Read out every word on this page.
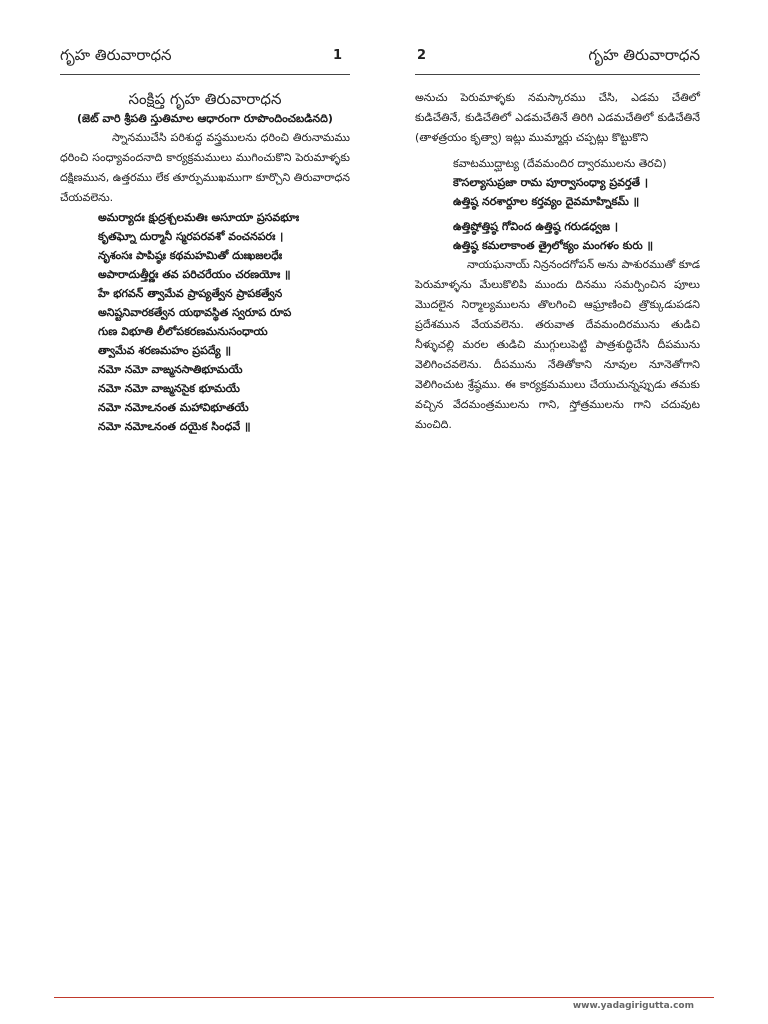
గృహ తిరువారాధన	1

సంక్షిప్త గృహ తిరువారాధన

(జెట్ వారి శ్రీపతి స్తుతిమాల ఆధారంగా రూపొందించబడినది)

స్నానముచేసి పరిశుద్ధ వస్త్రములను ధరించి తిరునామము ధరించి సంధ్యావందనాది కార్యక్రమములు ముగించుకొని పెరుమాళ్ళకు దక్షిణమున, ఉత్తరము లేక తూర్పుముఖముగా కూర్చొని తిరువారాధన చేయవలెను.

అమర్యాదః క్షుద్రశ్చలమతిః అసూయా ప్రసవభూః
కృతఘ్నో దుర్మానీ స్మరపరవశో వంచనపరః ।
నృశంసః పాపిష్ఠః కథమహమితో దుఃఖజలధేః
అపారాదుత్తీర్ణః తవ పరిచరేయం చరణయోః ॥
హే భగవన్ త్వామేవ ప్రాప్యత్వేన ప్రాపకత్వేన
అనిష్టనివారకత్వేన యథావస్థిత స్వరూప రూప
గుణ విభూతి లీలోపకరణమనుసంధాయ
త్వామేవ శరణమహం ప్రపద్యే ॥
నమో నమో వాఙ్మనసాతిభూమయే
నమో నమో వాఙ్మనసైక భూమయే
నమో నమోఽనంత మహావిభూతయే
నమో నమోఽనంత దయైక సింధవే ॥
2	గృహ తిరువారాధన

అనుచు పెరుమాళ్ళకు నమస్కారము చేసి, ఎడమ చేతిలో కుడిచేతినే, కుడిచేతిలో ఎడమచేతినే తిరిగి ఎడమచేతిలో కుడిచేతినే (తాళత్రయం కృత్వా) ఇట్లు ముమ్మార్లు చప్పట్లు కొట్టుకొని

కవాటముద్ఘాట్య (దేవమందిర ద్వారములను తెరచి)
కౌసల్యాసుప్రజా రామ పూర్వాసంధ్యా ప్రవర్తతే ।
ఉత్తిష్ఠ నరశార్దూల కర్తవ్యం దైవమాహ్నికమ్ ॥
ఉత్తిష్ఠోత్తిష్ఠ గోవింద ఉత్తిష్ఠ గరుడధ్వజ ।
ఉత్తిష్ఠ కమలాకాంత త్రైలోక్యం మంగళం కురు ॥

నాయఘనాయ్ నిన్రనందగోపన్ అను పాశురముతో కూడ పెరుమాళ్ళను మేలుకొలిపి ముందు దినము సమర్పించిన పూలు మొదలైన నిర్మాల్యములను తొలగించి ఆఘ్రాణించి త్రొక్కుడుపడని ప్రదేశమున వేయవలెను. తరువాత దేవమందిరమును తుడిచి నీళ్ళుచల్లి మరల తుడిచి ముగ్గులుపెట్టి పాత్రశుద్ధిచేసి దీపమును వెలిగించవలెను. దీపమును నేతితోకాని నూవుల నూనెతోగాని వెలిగించుట శ్రేష్ఠము. ఈ కార్యక్రమములు చేయుచున్నప్పుడు తమకు వచ్చిన వేదమంత్రములను గాని, స్తోత్రములను గాని చదువుట మంచిది.

www.yadagirigutta.com
